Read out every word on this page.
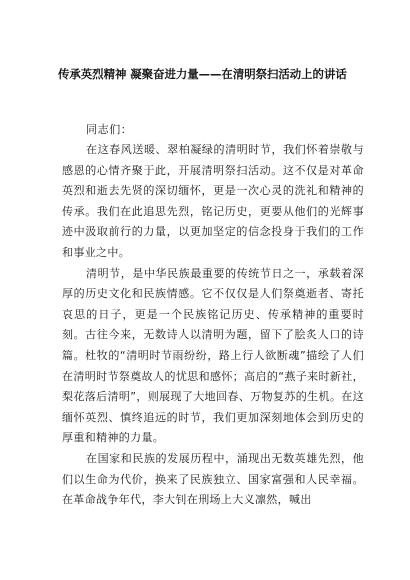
传承英烈精神 凝聚奋进力量——在清明祭扫活动上的讲话

同志们：

在这春风送暖、翠柏凝绿的清明时节，我们怀着崇敬与感恩的心情齐聚于此，开展清明祭扫活动。这不仅是对革命英烈和逝去先贤的深切缅怀，更是一次心灵的洗礼和精神的传承。我们在此追思先烈，铭记历史，更要从他们的光辉事迹中汲取前行的力量，以更加坚定的信念投身于我们的工作和事业之中。

清明节，是中华民族最重要的传统节日之一，承载着深厚的历史文化和民族情感。它不仅仅是人们祭奠逝者、寄托哀思的日子，更是一个民族铭记历史、传承精神的重要时刻。古往今来，无数诗人以清明为题，留下了脍炙人口的诗篇。杜牧的“清明时节雨纷纷，路上行人欲断魂”描绘了人们在清明时节祭奠故人的忧思和感怀；高启的“燕子来时新社，梨花落后清明”，则展现了大地回春、万物复苏的生机。在这缅怀英烈、慎终追远的时节，我们更加深刻地体会到历史的厚重和精神的力量。

在国家和民族的发展历程中，涌现出无数英雄先烈，他们以生命为代价，换来了民族独立、国家富强和人民幸福。在革命战争年代，李大钊在刑场上大义凛然，喊出
